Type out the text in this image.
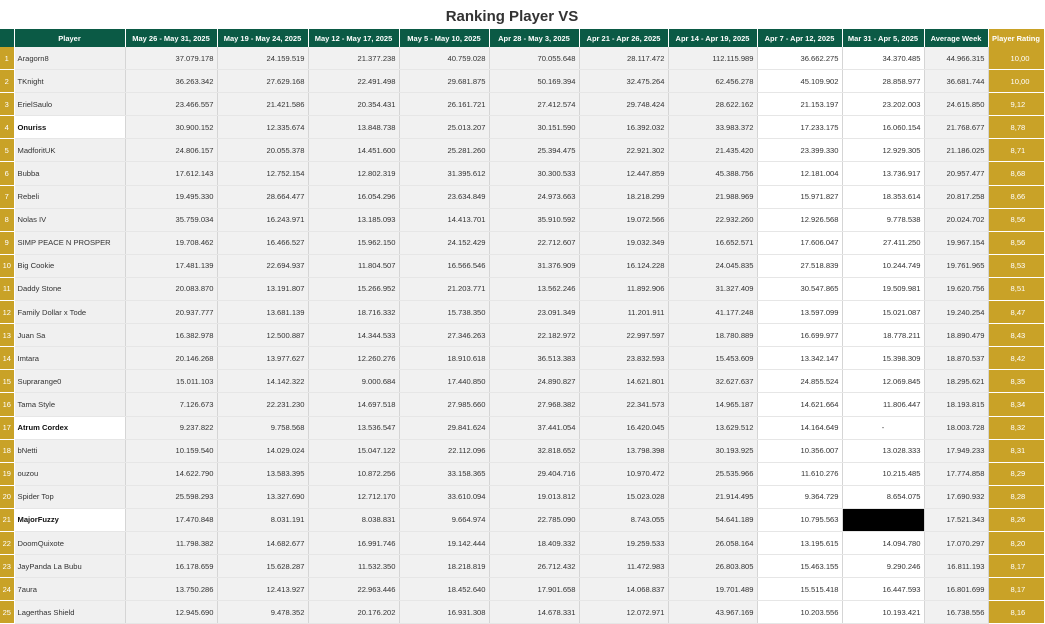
Ranking Player VS
	Player	May 26 - May 31, 2025	May 19 - May 24, 2025	May 12 - May 17, 2025	May 5 - May 10, 2025	Apr 28 - May 3, 2025	Apr 21 - Apr 26, 2025	Apr 14 - Apr 19, 2025	Apr 7 - Apr 12, 2025	Mar 31 - Apr 5, 2025	Average Week	Player Rating
1	Aragorn8	37.079.178	24.159.519	21.377.238	40.759.028	70.055.648	28.117.472	112.115.989	36.662.275	34.370.485	44.966.315	10,00
2	TKnight	36.263.342	27.629.168	22.491.498	29.681.875	50.169.394	32.475.264	62.456.278	45.109.902	28.858.977	36.681.744	10,00
3	ErielSaulo	23.466.557	21.421.586	20.354.431	26.161.721	27.412.574	29.748.424	28.622.162	21.153.197	23.202.003	24.615.850	9,12
4	Onuriss	30.900.152	12.335.674	13.848.738	25.013.207	30.151.590	16.392.032	33.983.372	17.233.175	16.060.154	21.768.677	8,78
5	MadforitUK	24.806.157	20.055.378	14.451.600	25.281.260	25.394.475	22.921.302	21.435.420	23.399.330	12.929.305	21.186.025	8,71
6	Bubba	17.612.143	12.752.154	12.802.319	31.395.612	30.300.533	12.447.859	45.388.756	12.181.004	13.736.917	20.957.477	8,68
7	Rebeli	19.495.330	28.664.477	16.054.296	23.634.849	24.973.663	18.218.299	21.988.969	15.971.827	18.353.614	20.817.258	8,66
8	Nolas IV	35.759.034	16.243.971	13.185.093	14.413.701	35.910.592	19.072.566	22.932.260	12.926.568	9.778.538	20.024.702	8,56
9	SIMP PEACE N PROSPER	19.708.462	16.466.527	15.962.150	24.152.429	22.712.607	19.032.349	16.652.571	17.606.047	27.411.250	19.967.154	8,56
10	Big Cookie	17.481.139	22.694.937	11.804.507	16.566.546	31.376.909	16.124.228	24.045.835	27.518.839	10.244.749	19.761.965	8,53
11	Daddy Stone	20.083.870	13.191.807	15.266.952	21.203.771	13.562.246	11.892.906	31.327.409	30.547.865	19.509.981	19.620.756	8,51
12	Family Dollar x Tode	20.937.777	13.681.139	18.716.332	15.738.350	23.091.349	11.201.911	41.177.248	13.597.099	15.021.087	19.240.254	8,47
13	Juan Sa	16.382.978	12.500.887	14.344.533	27.346.263	22.182.972	22.997.597	18.780.889	16.699.977	18.778.211	18.890.479	8,43
14	Imtara	20.146.268	13.977.627	12.260.276	18.910.618	36.513.383	23.832.593	15.453.609	13.342.147	15.398.309	18.870.537	8,42
15	Suprarange0	15.011.103	14.142.322	9.000.684	17.440.850	24.890.827	14.621.801	32.627.637	24.855.524	12.069.845	18.295.621	8,35
16	Tama Style	7.126.673	22.231.230	14.697.518	27.985.660	27.968.382	22.341.573	14.965.187	14.621.664	11.806.447	18.193.815	8,34
17	Atrum Cordex	9.237.822	9.758.568	13.536.547	29.841.624	37.441.054	16.420.045	13.629.512	14.164.649	-	18.003.728	8,32
18	bNetti	10.159.540	14.029.024	15.047.122	22.112.096	32.818.652	13.798.398	30.193.925	10.356.007	13.028.333	17.949.233	8,31
19	ouzou	14.622.790	13.583.395	10.872.256	33.158.365	29.404.716	10.970.472	25.535.966	11.610.276	10.215.485	17.774.858	8,29
20	Spider Top	25.598.293	13.327.690	12.712.170	33.610.094	19.013.812	15.023.028	21.914.495	9.364.729	8.654.075	17.690.932	8,28
21	MajorFuzzy	17.470.848	8.031.191	8.038.831	9.664.974	22.785.090	8.743.055	54.641.189	10.795.563		17.521.343	8,26
22	DoomQuixote	11.798.382	14.682.677	16.991.746	19.142.444	18.409.332	19.259.533	26.058.164	13.195.615	14.094.780	17.070.297	8,20
23	JayPanda La Bubu	16.178.659	15.628.287	11.532.350	18.218.819	26.712.432	11.472.983	26.803.805	15.463.155	9.290.246	16.811.193	8,17
24	7aura	13.750.286	12.413.927	22.963.446	18.452.640	17.901.658	14.068.837	19.701.489	15.515.418	16.447.593	16.801.699	8,17
25	Lagerthas Shield	12.945.690	9.478.352	20.176.202	16.931.308	14.678.331	12.072.971	43.967.169	10.203.556	10.193.421	16.738.556	8,16
